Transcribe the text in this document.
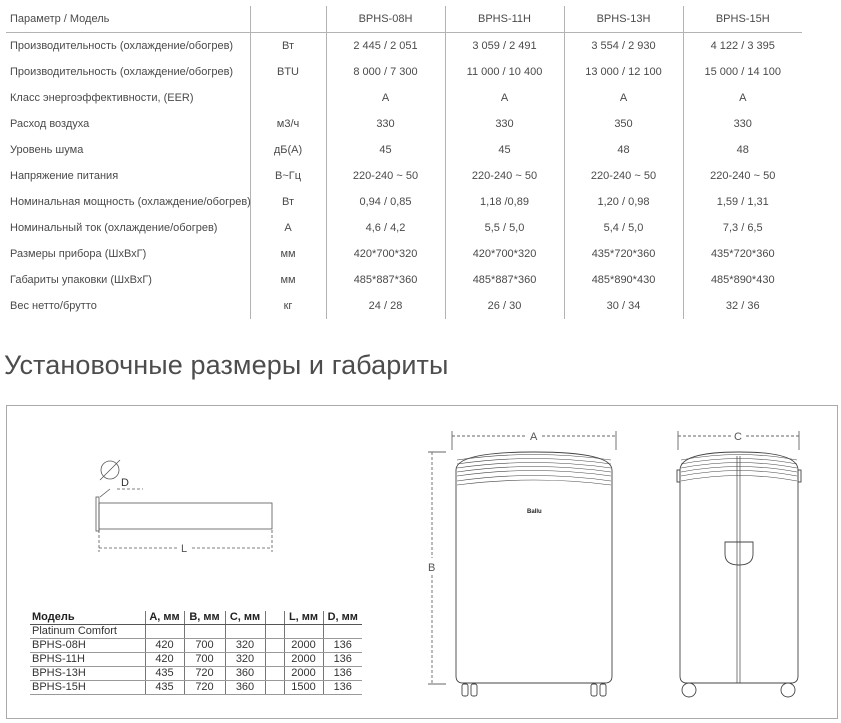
Параметр / Модель		BPHS-08H	BPHS-11H	BPHS-13H	BPHS-15H
Производительность (охлаждение/обогрев)	Вт	2 445 / 2 051	3 059 / 2 491	3 554 / 2 930	4 122 / 3 395
Производительность (охлаждение/обогрев)	BTU	8 000 / 7 300	11 000 / 10 400	13 000 / 12 100	15 000 / 14 100
Класс энергоэффективности, (EER)		A	A	A	A
Расход воздуха	м3/ч	330	330	350	330
Уровень шума	дБ(А)	45	45	48	48
Напряжение питания	В~Гц	220-240 ~ 50	220-240 ~ 50	220-240 ~ 50	220-240 ~ 50
Номинальная мощность (охлаждение/обогрев)	Вт	0,94 / 0,85	1,18 /0,89	1,20 / 0,98	1,59 / 1,31
Номинальный ток (охлаждение/обогрев)	А	4,6 / 4,2	5,5 / 5,0	5,4 / 5,0	7,3 / 6,5
Размеры прибора (ШхВхГ)	мм	420*700*320	420*700*320	435*720*360	435*720*360
Габариты упаковки (ШхВхГ)	мм	485*887*360	485*887*360	485*890*430	485*890*430
Вес нетто/брутто	кг	24 / 28	26 / 30	30 / 34	32 / 36
Установочные размеры и габариты
D
L
A
B
Ballu
C
Модель	A, мм	B, мм	C, мм		L, мм	D, мм
Platinum Comfort						
BPHS-08H	420	700	320		2000	136
BPHS-11H	420	700	320		2000	136
BPHS-13H	435	720	360		2000	136
BPHS-15H	435	720	360		1500	136
